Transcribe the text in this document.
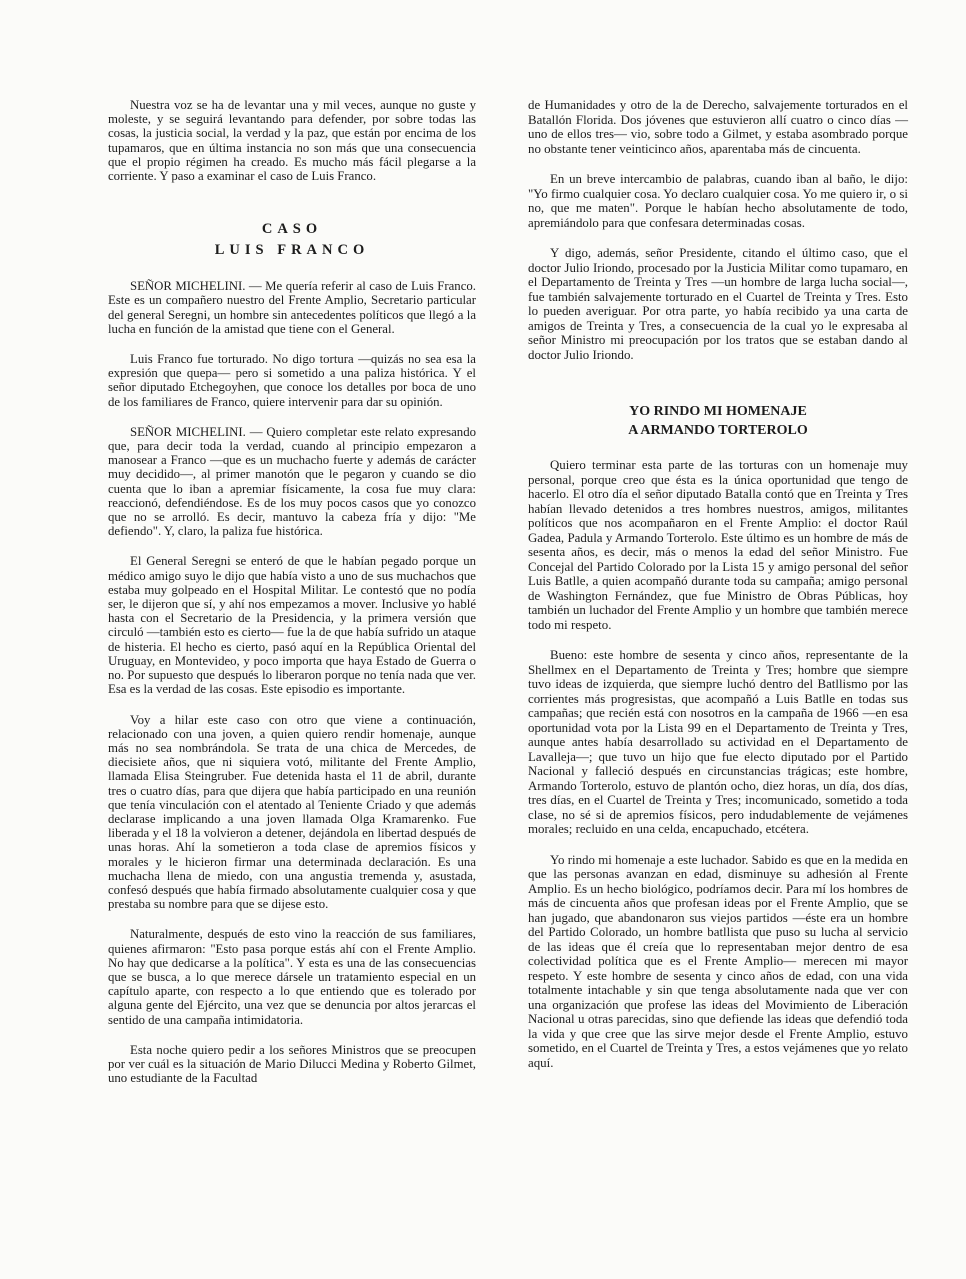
Nuestra voz se ha de levantar una y mil veces, aunque no guste y moleste, y se seguirá levantando para defender, por sobre todas las cosas, la justicia social, la verdad y la paz, que están por encima de los tupamaros, que en última instancia no son más que una consecuencia que el propio régimen ha creado. Es mucho más fácil plegarse a la corriente. Y paso a examinar el caso de Luis Franco.

CASO
LUIS FRANCO

SEÑOR MICHELINI. — Me quería referir al caso de Luis Franco. Este es un compañero nuestro del Frente Amplio, Secretario particular del general Seregni, un hombre sin antecedentes políticos que llegó a la lucha en función de la amistad que tiene con el General.

Luis Franco fue torturado. No digo tortura —quizás no sea esa la expresión que quepa— pero si sometido a una paliza histórica. Y el señor diputado Etchegoyhen, que conoce los detalles por boca de uno de los familiares de Franco, quiere intervenir para dar su opinión.

SEÑOR MICHELINI. — Quiero completar este relato expresando que, para decir toda la verdad, cuando al principio empezaron a manosear a Franco —que es un muchacho fuerte y además de carácter muy decidido—, al primer manotón que le pegaron y cuando se dio cuenta que lo iban a apremiar físicamente, la cosa fue muy clara: reaccionó, defendiéndose. Es de los muy pocos casos que yo conozco que no se arrolló. Es decir, mantuvo la cabeza fría y dijo: "Me defiendo". Y, claro, la paliza fue histórica.

El General Seregni se enteró de que le habían pegado porque un médico amigo suyo le dijo que había visto a uno de sus muchachos que estaba muy golpeado en el Hospital Militar. Le contestó que no podía ser, le dijeron que sí, y ahí nos empezamos a mover. Inclusive yo hablé hasta con el Secretario de la Presidencia, y la primera versión que circuló —también esto es cierto— fue la de que había sufrido un ataque de histeria. El hecho es cierto, pasó aquí en la República Oriental del Uruguay, en Montevideo, y poco importa que haya Estado de Guerra o no. Por supuesto que después lo liberaron porque no tenía nada que ver. Esa es la verdad de las cosas. Este episodio es importante.

Voy a hilar este caso con otro que viene a continuación, relacionado con una joven, a quien quiero rendir homenaje, aunque más no sea nombrándola. Se trata de una chica de Mercedes, de diecisiete años, que ni siquiera votó, militante del Frente Amplio, llamada Elisa Steingruber. Fue detenida hasta el 11 de abril, durante tres o cuatro días, para que dijera que había participado en una reunión que tenía vinculación con el atentado al Teniente Criado y que además declarase implicando a una joven llamada Olga Kramarenko. Fue liberada y el 18 la volvieron a detener, dejándola en libertad después de unas horas. Ahí la sometieron a toda clase de apremios físicos y morales y le hicieron firmar una determinada declaración. Es una muchacha llena de miedo, con una angustia tremenda y, asustada, confesó después que había firmado absolutamente cualquier cosa y que prestaba su nombre para que se dijese esto.

Naturalmente, después de esto vino la reacción de sus familiares, quienes afirmaron: "Esto pasa porque estás ahí con el Frente Amplio. No hay que dedicarse a la política". Y esta es una de las consecuencias que se busca, a lo que merece dársele un tratamiento especial en un capítulo aparte, con respecto a lo que entiendo que es tolerado por alguna gente del Ejército, una vez que se denuncia por altos jerarcas el sentido de una campaña intimidatoria.

Esta noche quiero pedir a los señores Ministros que se preocupen por ver cuál es la situación de Mario Dilucci Medina y Roberto Gilmet, uno estudiante de la Facultad

de Humanidades y otro de la de Derecho, salvajemente torturados en el Batallón Florida. Dos jóvenes que estuvieron allí cuatro o cinco días —uno de ellos tres— vio, sobre todo a Gilmet, y estaba asombrado porque no obstante tener veinticinco años, aparentaba más de cincuenta.

En un breve intercambio de palabras, cuando iban al baño, le dijo: "Yo firmo cualquier cosa. Yo declaro cualquier cosa. Yo me quiero ir, o si no, que me maten". Porque le habían hecho absolutamente de todo, apremiándolo para que confesara determinadas cosas.

Y digo, además, señor Presidente, citando el último caso, que el doctor Julio Iriondo, procesado por la Justicia Militar como tupamaro, en el Departamento de Treinta y Tres —un hombre de larga lucha social—, fue también salvajemente torturado en el Cuartel de Treinta y Tres. Esto lo pueden averiguar. Por otra parte, yo había recibido ya una carta de amigos de Treinta y Tres, a consecuencia de la cual yo le expresaba al señor Ministro mi preocupación por los tratos que se estaban dando al doctor Julio Iriondo.

YO RINDO MI HOMENAJE
A ARMANDO TORTEROLO

Quiero terminar esta parte de las torturas con un homenaje muy personal, porque creo que ésta es la única oportunidad que tengo de hacerlo. El otro día el señor diputado Batalla contó que en Treinta y Tres habían llevado detenidos a tres hombres nuestros, amigos, militantes políticos que nos acompañaron en el Frente Amplio: el doctor Raúl Gadea, Padula y Armando Torterolo. Este último es un hombre de más de sesenta años, es decir, más o menos la edad del señor Ministro. Fue Concejal del Partido Colorado por la Lista 15 y amigo personal del señor Luis Batlle, a quien acompañó durante toda su campaña; amigo personal de Washington Fernández, que fue Ministro de Obras Públicas, hoy también un luchador del Frente Amplio y un hombre que también merece todo mi respeto.

Bueno: este hombre de sesenta y cinco años, representante de la Shellmex en el Departamento de Treinta y Tres; hombre que siempre tuvo ideas de izquierda, que siempre luchó dentro del Batllismo por las corrientes más progresistas, que acompañó a Luis Batlle en todas sus campañas; que recién está con nosotros en la campaña de 1966 —en esa oportunidad vota por la Lista 99 en el Departamento de Treinta y Tres, aunque antes había desarrollado su actividad en el Departamento de Lavalleja—; que tuvo un hijo que fue electo diputado por el Partido Nacional y falleció después en circunstancias trágicas; este hombre, Armando Torterolo, estuvo de plantón ocho, diez horas, un día, dos días, tres días, en el Cuartel de Treinta y Tres; incomunicado, sometido a toda clase, no sé si de apremios físicos, pero indudablemente de vejámenes morales; recluido en una celda, encapuchado, etcétera.

Yo rindo mi homenaje a este luchador. Sabido es que en la medida en que las personas avanzan en edad, disminuye su adhesión al Frente Amplio. Es un hecho biológico, podríamos decir. Para mí los hombres de más de cincuenta años que profesan ideas por el Frente Amplio, que se han jugado, que abandonaron sus viejos partidos —éste era un hombre del Partido Colorado, un hombre batllista que puso su lucha al servicio de las ideas que él creía que lo representaban mejor dentro de esa colectividad política que es el Frente Amplio— merecen mi mayor respeto. Y este hombre de sesenta y cinco años de edad, con una vida totalmente intachable y sin que tenga absolutamente nada que ver con una organización que profese las ideas del Movimiento de Liberación Nacional u otras parecidas, sino que defiende las ideas que defendió toda la vida y que cree que las sirve mejor desde el Frente Amplio, estuvo sometido, en el Cuartel de Treinta y Tres, a estos vejámenes que yo relato aquí.
